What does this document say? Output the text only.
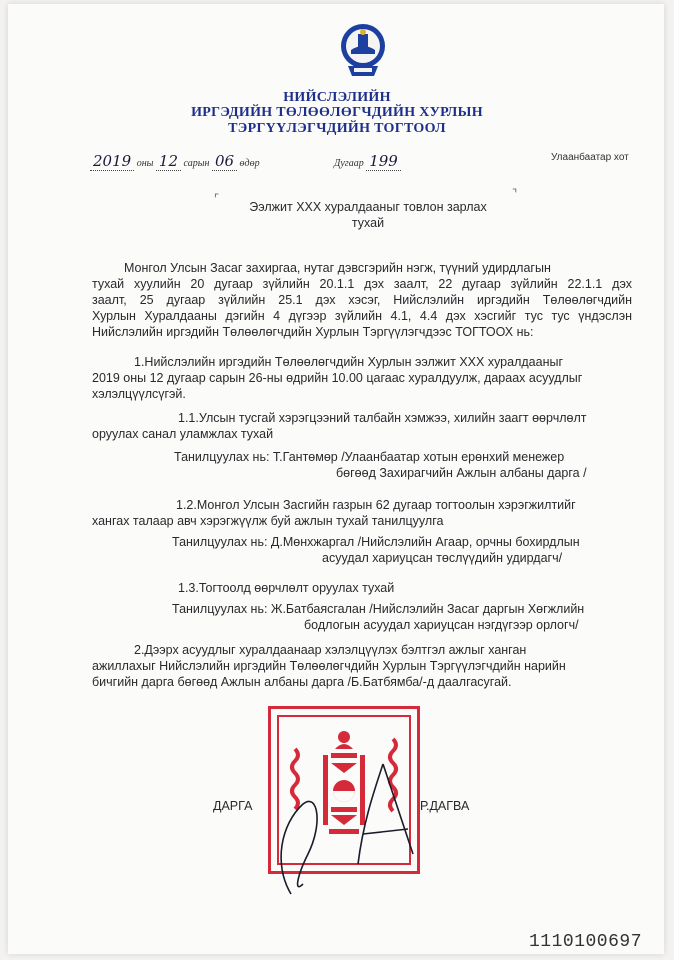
НИЙСЛЭЛИЙН
ИРГЭДИЙН ТӨЛӨӨЛӨГЧДИЙН ХУРЛЫН
ТЭРГҮҮЛЭГЧДИЙН ТОГТООЛ
2019 оны 12 сарын 06 өдөр	Дугаар 199	Улаанбаатар хот
⌜	⌝
Ээлжит XXX хуралдааныг товлон зарлах
тухай
Монгол Улсын Засаг захиргаа, нутаг дэвсгэрийн нэгж, түүний удирдлагын
тухай хуулийн 20 дугаар зүйлийн 20.1.1 дэх заалт, 22 дугаар зүйлийн 22.1.1 дэх
заалт, 25 дугаар зүйлийн 25.1 дэх хэсэг, Нийслэлийн иргэдийн Төлөөлөгчдийн
Хурлын Хуралдааны дэгийн 4 дүгээр зүйлийн 4.1, 4.4 дэх хэсгийг тус тус үндэслэн
Нийслэлийн иргэдийн Төлөөлөгчдийн Хурлын Тэргүүлэгчдээс ТОГТООХ нь:
1.Нийслэлийн иргэдийн Төлөөлөгчдийн Хурлын ээлжит XXX хуралдааныг
2019 оны 12 дугаар сарын 26-ны өдрийн 10.00 цагаас хуралдуулж, дараах асуудлыг
хэлэлцүүлсүгэй.
1.1.Улсын тусгай хэрэгцээний талбайн хэмжээ, хилийн заагт өөрчлөлт
оруулах санал уламжлах тухай
Танилцуулах нь: Т.Гантөмөр /Улаанбаатар хотын ерөнхий менежер
бөгөөд Захирагчийн Ажлын албаны дарга /
1.2.Монгол Улсын Засгийн газрын 62 дугаар тогтоолын хэрэгжилтийг
хангах талаар авч хэрэгжүүлж буй ажлын тухай танилцуулга
Танилцуулах нь: Д.Мөнхжаргал /Нийслэлийн Агаар, орчны бохирдлын
асуудал хариуцсан төслүүдийн удирдагч/
1.3.Тогтоолд өөрчлөлт оруулах тухай
Танилцуулах нь: Ж.Батбаясгалан /Нийслэлийн Засаг даргын Хөгжлийн
бодлогын асуудал хариуцсан нэгдүгээр орлогч/
2.Дээрх асуудлыг хуралдаанаар хэлэлцүүлэх бэлтгэл ажлыг ханган
ажиллахыг Нийслэлийн иргэдийн Төлөөлөгчдийн Хурлын Тэргүүлэгчдийн нарийн
бичгийн дарга бөгөөд Ажлын албаны дарга /Б.Батбямба/-д даалгасугай.
ДАРГА	Р.ДАГВА
1110100697
